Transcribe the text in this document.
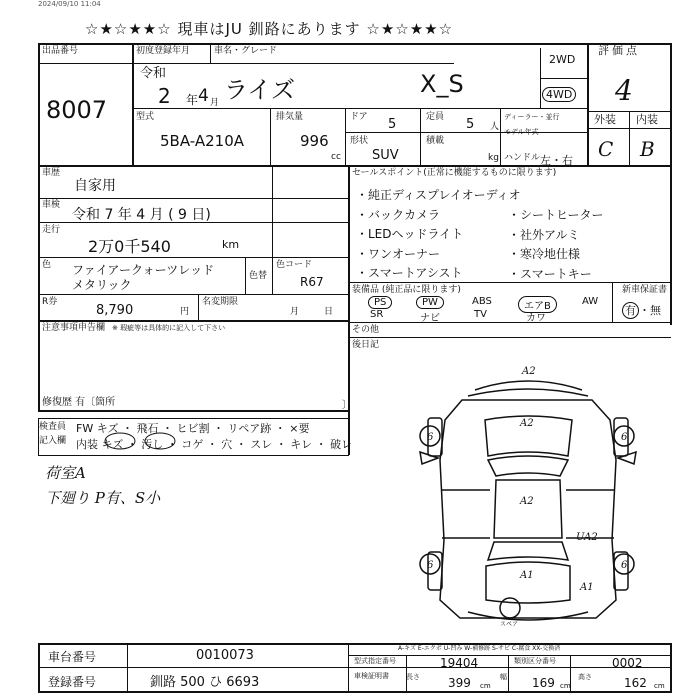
2024/09/10 11:04
☆★☆★★☆ 現車はJU 釧路にあります ☆★☆★★☆
出品番号
8007
初度登録年月
令和
2 年 4 月
車名・グレード
ライズ	X_S
2WD
4WD
評価点
4
外装 内装
C B
型式
5BA-A210A
排気量
996
cc
ドア 5	定員 5 人
ディーラー・並行
モデル年式
形状
SUV
積載
kg ハンドル 左・右
車歴
自家用
車検
令和 7 年 4 月 ( 9 日)
走行
2万0千540	km
色 ファイアークォーツレッド
メタリック
色替
色コード
R67
R券
8,790	円
名変期限
月	日
注意事項申告欄 ※ 瑕疵等は具体的に記入して下さい
修復歴 有〔箇所	〕
検査員
記入欄
FW キズ ・ 飛石 ・ ヒビ割 ・ リペア跡 ・ ×要
内装 キズ ・ 汚し ・ コゲ ・ 穴 ・ スレ ・ キレ ・ 破レ
荷室A
下廻り P有、S小
セールスポイント(正常に機能するものに限ります)
・純正ディスプレイオーディオ
・バックカメラ
・LEDヘッドライト
・ワンオーナー
・スマートアシスト
・シートヒーター
・社外アルミ
・寒冷地仕様
・スマートキー
装備品 (純正品に限ります)
PS	PW	ABS	エアB	AW
SR	ナビ	TV	カワ
新車保証書
有 ・無
その他
後日記
A2
A2
A2
UA2
A1
A1
6	6
6	6
スペア
A-キズ E-エクボ U-凹み W-補修跡 S-サビ C-腐食 XX-交換済
車台番号	0010073
登録番号	釧路 500 ひ 6693
型式指定番号	19404	類別区分番号	0002
車検証明書 長さ 399 cm
幅 169 cm
高さ	162 cm
